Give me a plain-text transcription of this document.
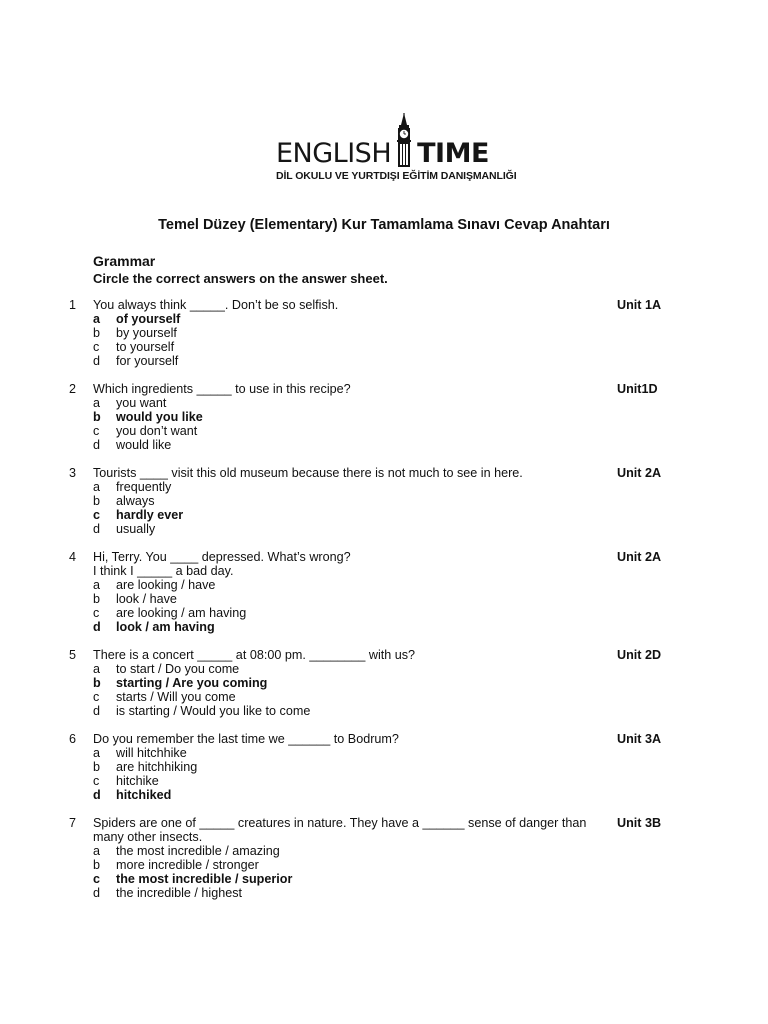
ENGLISH TIME
DİL OKULU VE YURTDIŞI EĞİTİM DANIŞMANLIĞI
Temel Düzey (Elementary) Kur Tamamlama Sınavı Cevap Anahtarı
Grammar

Circle the correct answers on the answer sheet.

1 You always think _____. Don’t be so selfish.	Unit 1A
a	of yourself
b	by yourself
c	to yourself
d	for yourself
2 Which ingredients _____ to use in this recipe?	Unit1D
a	you want
b	would you like
c	you don’t want
d	would like
3 Tourists ____ visit this old museum because there is not much to see in here.	Unit 2A
a	frequently
b	always
c	hardly ever
d	usually
4 Hi, Terry. You ____ depressed. What’s wrong?
I think I _____ a bad day.
Unit 2A
a	are looking / have
b	look / have
c	are looking / am having
d	look / am having
5 There is a concert _____ at 08:00 pm. ________ with us?	Unit 2D
a	to start / Do you come
b	starting / Are you coming
c	starts / Will you come
d	is starting / Would you like to come
6 Do you remember the last time we ______ to Bodrum?	Unit 3A
a	will hitchhike
b	are hitchhiking
c	hitchike
d	hitchiked
7 Spiders are one of _____ creatures in nature. They have a ______ sense of danger than many other insects.
Unit 3B
a	the most incredible / amazing
b	more incredible / stronger
c	the most incredible / superior
d	the incredible / highest
